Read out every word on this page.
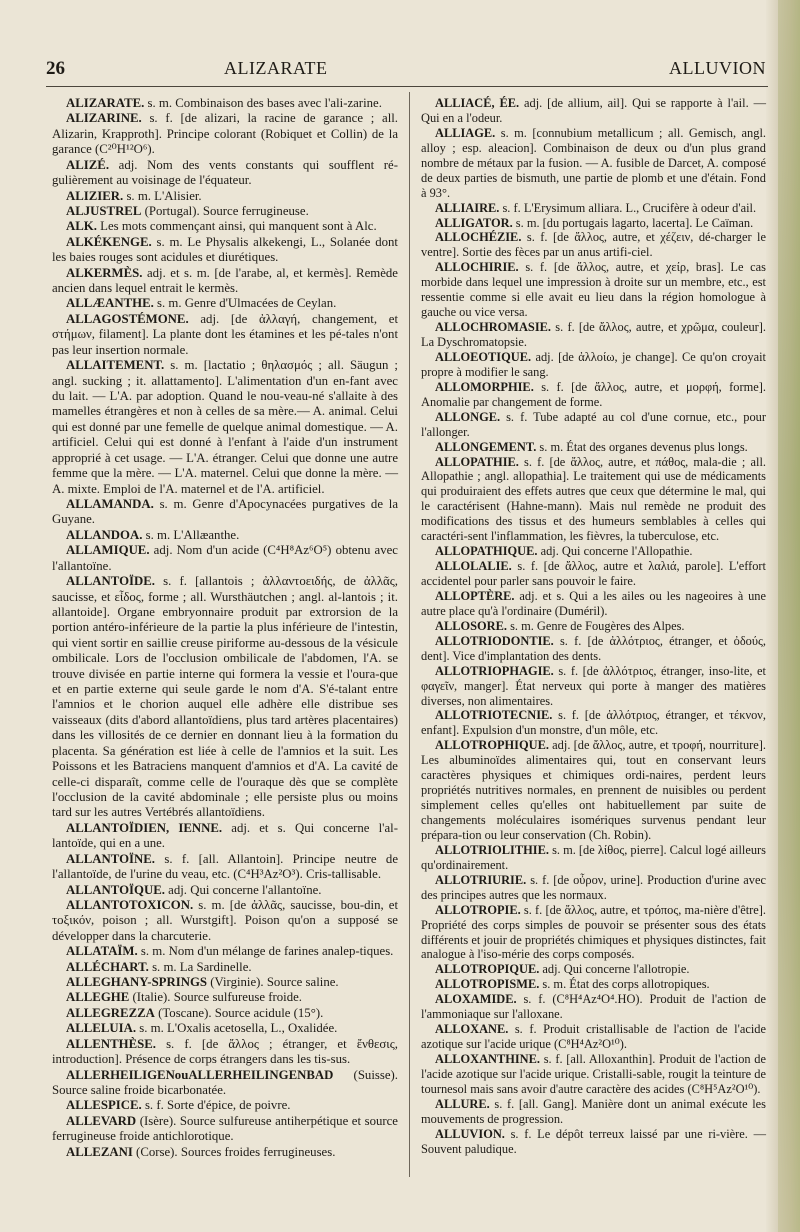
26	ALIZARATE	ALLUVION

ALIZARATE. s. m. Combinaison des bases avec l'ali-zarine.

ALIZARINE. s. f. [de alizari, la racine de garance ; all. Alizarin, Krapproth]. Principe colorant (Robiquet et Collin) de la garance (C²⁰H¹²O⁶).

ALIZÉ. adj. Nom des vents constants qui soufflent ré-gulièrement au voisinage de l'équateur.

ALIZIER. s. m. L'Alisier.

ALJUSTREL (Portugal). Source ferrugineuse.

ALK. Les mots commençant ainsi, qui manquent sont à Alc.

ALKÉKENGE. s. m. Le Physalis alkekengi, L., Solanée dont les baies rouges sont acidules et diurétiques.

ALKERMÈS. adj. et s. m. [de l'arabe, al, et kermès]. Remède ancien dans lequel entrait le kermès.

ALLÆANTHE. s. m. Genre d'Ulmacées de Ceylan.

ALLAGOSTÉMONE. adj. [de ἀλλαγή, changement, et στήμων, filament]. La plante dont les étamines et les pé-tales n'ont pas leur insertion normale.

ALLAITEMENT. s. m. [lactatio ; θηλασμός ; all. Säugun ; angl. sucking ; it. allattamento]. L'alimentation d'un en-fant avec du lait. — L'A. par adoption. Quand le nou-veau-né s'allaite à des mamelles étrangères et non à celles de sa mère.— A. animal. Celui qui est donné par une femelle de quelque animal domestique. — A. artificiel. Celui qui est donné à l'enfant à l'aide d'un instrument approprié à cet usage. — L'A. étranger. Celui que donne une autre femme que la mère. — L'A. maternel. Celui que donne la mère. — A. mixte. Emploi de l'A. maternel et de l'A. artificiel.

ALLAMANDA. s. m. Genre d'Apocynacées purgatives de la Guyane.

ALLANDOA. s. m. L'Allæanthe.

ALLAMIQUE. adj. Nom d'un acide (C⁴H⁸Az⁶O⁵) obtenu avec l'allantoïne.

ALLANTOÏDE. s. f. [allantois ; ἀλλαντοειδής, de ἀλλᾶς, saucisse, et εἶδος, forme ; all. Wursthäutchen ; angl. al-lantois ; it. allantoide]. Organe embryonnaire produit par extrorsion de la portion antéro-inférieure de la partie la plus inférieure de l'intestin, qui vient sortir en saillie creuse piriforme au-dessous de la vésicule ombilicale. Lors de l'occlusion ombilicale de l'abdomen, l'A. se trouve divisée en partie interne qui formera la vessie et l'oura-que et en partie externe qui seule garde le nom d'A. S'é-talant entre l'amnios et le chorion auquel elle adhère elle distribue ses vaisseaux (dits d'abord allantoïdiens, plus tard artères placentaires) dans les villosités de ce dernier en donnant lieu à la formation du placenta. Sa génération est liée à celle de l'amnios et la suit. Les Poissons et les Batraciens manquent d'amnios et d'A. La cavité de celle-ci disparaît, comme celle de l'ouraque dès que se complète l'occlusion de la cavité abdominale ; elle persiste plus ou moins tard sur les autres Vertébrés allantoïdiens.

ALLANTOÏDIEN, IENNE. adj. et s. Qui concerne l'al-lantoïde, qui en a une.

ALLANTOÏNE. s. f. [all. Allantoin]. Principe neutre de l'allantoïde, de l'urine du veau, etc. (C⁴H³Az²O³). Cris-tallisable.

ALLANTOÏQUE. adj. Qui concerne l'allantoïne.

ALLANTOTOXICON. s. m. [de ἀλλᾶς, saucisse, bou-din, et τοξικόν, poison ; all. Wurstgift]. Poison qu'on a supposé se développer dans la charcuterie.

ALLATAÏM. s. m. Nom d'un mélange de farines analep-tiques.

ALLÉCHART. s. m. La Sardinelle.

ALLEGHANY-SPRINGS (Virginie). Source saline.

ALLEGHE (Italie). Source sulfureuse froide.

ALLEGREZZA (Toscane). Source acidule (15°).

ALLELUIA. s. m. L'Oxalis acetosella, L., Oxalidée.

ALLENTHÈSE. s. f. [de ἄλλος ; étranger, et ἔνθεσις, introduction]. Présence de corps étrangers dans les tis-sus.

ALLERHEILIGENouALLERHEILINGENBAD (Suisse). Source saline froide bicarbonatée.

ALLESPICE. s. f. Sorte d'épice, de poivre.

ALLEVARD (Isère). Source sulfureuse antiherpétique et source ferrugineuse froide antichlorotique.

ALLEZANI (Corse). Sources froides ferrugineuses.

ALLIACÉ, ÉE. adj. [de allium, ail]. Qui se rapporte à l'ail. — Qui en a l'odeur.

ALLIAGE. s. m. [connubium metallicum ; all. Gemisch, angl. alloy ; esp. aleacion]. Combinaison de deux ou d'un plus grand nombre de métaux par la fusion. — A. fusible de Darcet, A. composé de deux parties de bismuth, une partie de plomb et une d'étain. Fond à 93°.

ALLIAIRE. s. f. L'Erysimum alliara. L., Crucifère à odeur d'ail.

ALLIGATOR. s. m. [du portugais lagarto, lacerta]. Le Caïman.

ALLOCHÉZIE. s. f. [de ἄλλος, autre, et χέζειν, dé-charger le ventre]. Sortie des fèces par un anus artifi-ciel.

ALLOCHIRIE. s. f. [de ἄλλος, autre, et χείρ, bras]. Le cas morbide dans lequel une impression à droite sur un membre, etc., est ressentie comme si elle avait eu lieu dans la région homologue à gauche ou vice versa.

ALLOCHROMASIE. s. f. [de ἄλλος, autre, et χρῶμα, couleur]. La Dyschromatopsie.

ALLOEOTIQUE. adj. [de ἀλλοίω, je change]. Ce qu'on croyait propre à modifier le sang.

ALLOMORPHIE. s. f. [de ἄλλος, autre, et μορφή, forme]. Anomalie par changement de forme.

ALLONGE. s. f. Tube adapté au col d'une cornue, etc., pour l'allonger.

ALLONGEMENT. s. m. État des organes devenus plus longs.

ALLOPATHIE. s. f. [de ἄλλος, autre, et πάθος, mala-die ; all. Allopathie ; angl. allopathia]. Le traitement qui use de médicaments qui produiraient des effets autres que ceux que détermine le mal, qui le caractérisent (Hahne-mann). Mais nul remède ne produit des modifications des tissus et des humeurs semblables à celles qui caractéri-sent l'inflammation, les fièvres, la tuberculose, etc.

ALLOPATHIQUE. adj. Qui concerne l'Allopathie.

ALLOLALIE. s. f. [de ἄλλος, autre et λαλιά, parole]. L'effort accidentel pour parler sans pouvoir le faire.

ALLOPTÈRE. adj. et s. Qui a les ailes ou les nageoires à une autre place qu'à l'ordinaire (Duméril).

ALLOSORE. s. m. Genre de Fougères des Alpes.

ALLOTRIODONTIE. s. f. [de ἀλλότριος, étranger, et ὀδούς, dent]. Vice d'implantation des dents.

ALLOTRIOPHAGIE. s. f. [de ἀλλότριος, étranger, inso-lite, et φαγεῖν, manger]. État nerveux qui porte à manger des matières diverses, non alimentaires.

ALLOTRIOTECNIE. s. f. [de ἀλλότριος, étranger, et τέκνον, enfant]. Expulsion d'un monstre, d'un môle, etc.

ALLOTROPHIQUE. adj. [de ἄλλος, autre, et τροφή, nourriture]. Les albuminoïdes alimentaires qui, tout en conservant leurs caractères physiques et chimiques ordi-naires, perdent leurs propriétés nutritives normales, en prennent de nuisibles ou perdent simplement celles qu'elles ont habituellement par suite de changements moléculaires isomériques survenus pendant leur prépara-tion ou leur conservation (Ch. Robin).

ALLOTRIOLITHIE. s. m. [de λίθος, pierre]. Calcul logé ailleurs qu'ordinairement.

ALLOTRIURIE. s. f. [de οὖρον, urine]. Production d'urine avec des principes autres que les normaux.

ALLOTROPIE. s. f. [de ἄλλος, autre, et τρόπος, ma-nière d'être]. Propriété des corps simples de pouvoir se présenter sous des états différents et jouir de propriétés chimiques et physiques distinctes, fait analogue à l'iso-mérie des corps composés.

ALLOTROPIQUE. adj. Qui concerne l'allotropie.

ALLOTROPISME. s. m. État des corps allotropiques.

ALOXAMIDE. s. f. (C⁸H⁴Az⁴O⁴.HO). Produit de l'action de l'ammoniaque sur l'alloxane.

ALLOXANE. s. f. Produit cristallisable de l'action de l'acide azotique sur l'acide urique (C⁸H⁴Az²O¹⁰).

ALLOXANTHINE. s. f. [all. Alloxanthin]. Produit de l'action de l'acide azotique sur l'acide urique. Cristalli-sable, rougit la teinture de tournesol mais sans avoir d'autre caractère des acides (C⁸H⁵Az²O¹⁰).

ALLURE. s. f. [all. Gang]. Manière dont un animal exécute les mouvements de progression.

ALLUVION. s. f. Le dépôt terreux laissé par une ri-vière. — Souvent paludique.
